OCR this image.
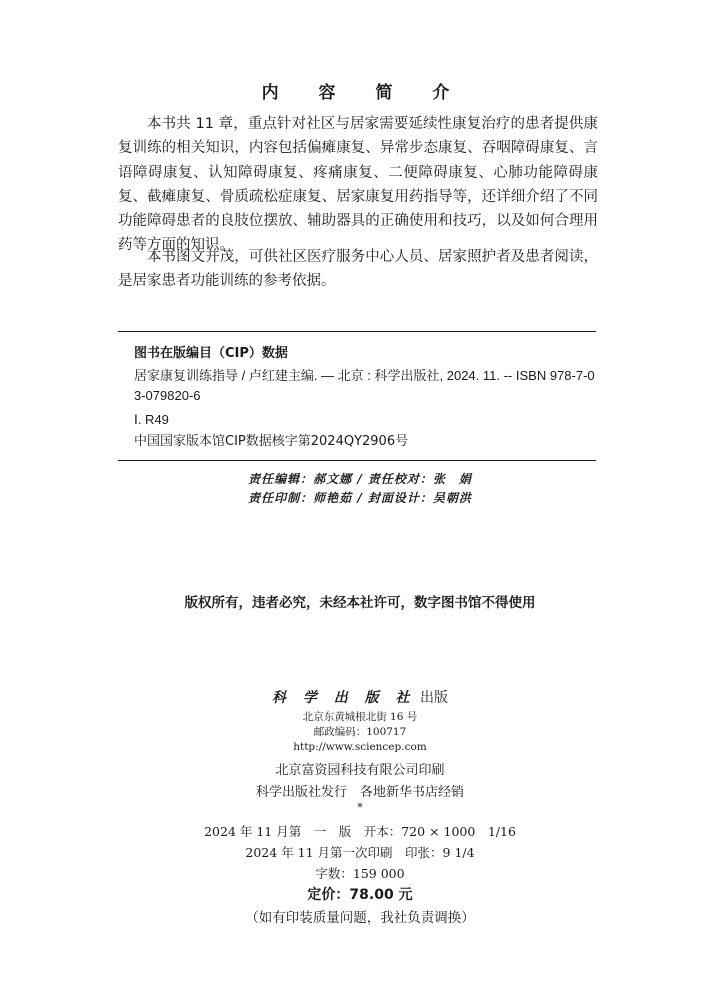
内 容 简 介

本书共 11 章，重点针对社区与居家需要延续性康复治疗的患者提供康复训练的相关知识，内容包括偏瘫康复、异常步态康复、吞咽障碍康复、言语障碍康复、认知障碍康复、疼痛康复、二便障碍康复、心肺功能障碍康复、截瘫康复、骨质疏松症康复、居家康复用药指导等，还详细介绍了不同功能障碍患者的良肢位摆放、辅助器具的正确使用和技巧，以及如何合理用药等方面的知识。

本书图文并茂，可供社区医疗服务中心人员、居家照护者及患者阅读，是居家患者功能训练的参考依据。

图书在版编目（CIP）数据
居家康复训练指导 / 卢红建主编. — 北京 : 科学出版社, 2024. 11. -- ISBN 978-7-03-079820-6
Ⅰ. R49
中国国家版本馆CIP数据核字第2024QY2906号
责任编辑：郝文娜 / 责任校对：张　娟
责任印制：师艳茹 / 封面设计：吴朝洪
版权所有，违者必究，未经本社许可，数字图书馆不得使用
科 学 出 版 社 出版
北京东黄城根北街 16 号
邮政编码：100717
http://www.sciencep.com
北京富资园科技有限公司印刷
科学出版社发行　各地新华书店经销
*
2024 年 11 月第　一　版　开本：720 × 1000　1/16
2024 年 11 月第一次印刷　印张：9 1/4
字数：159 000
定价：78.00 元
（如有印装质量问题，我社负责调换）
